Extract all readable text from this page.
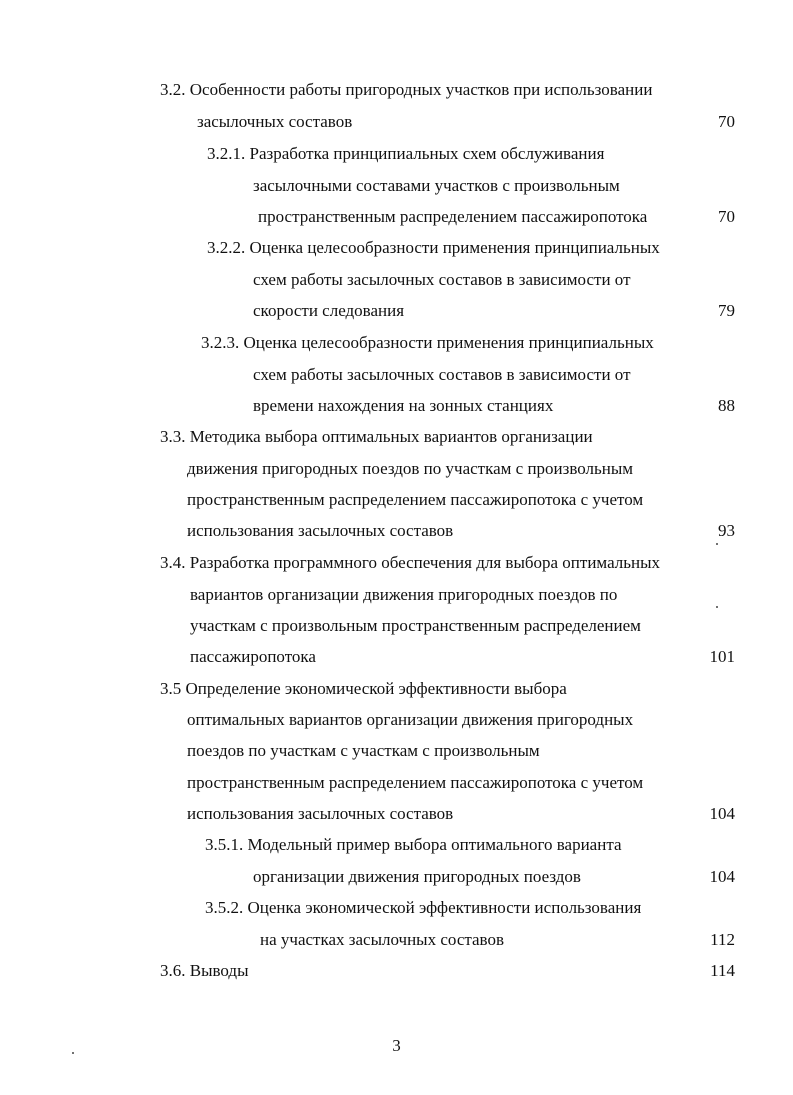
3.2. Особенности работы пригородных участков при использовании
засылочных составов	70
3.2.1. Разработка принципиальных схем обслуживания
засылочными составами участков с произвольным
пространственным распределением пассажиропотока	70
3.2.2. Оценка целесообразности применения принципиальных
схем работы засылочных составов в зависимости от
скорости следования	79
3.2.3. Оценка целесообразности применения принципиальных
схем работы засылочных составов в зависимости от
времени нахождения на зонных станциях	88
3.3. Методика выбора оптимальных вариантов организации
движения пригородных поездов по участкам с произвольным
пространственным распределением пассажиропотока с учетом
использования засылочных составов	93
3.4. Разработка программного обеспечения для выбора оптимальных
вариантов организации движения пригородных поездов по
участкам с произвольным пространственным распределением
пассажиропотока	101
3.5 Определение экономической эффективности выбора
оптимальных вариантов организации движения пригородных
поездов по участкам с участкам с произвольным
пространственным распределением пассажиропотока с учетом
использования засылочных составов	104
3.5.1. Модельный пример выбора оптимального варианта
организации движения пригородных поездов	104
3.5.2. Оценка экономической эффективности использования
на участках засылочных составов	112
3.6. Выводы	114
3
